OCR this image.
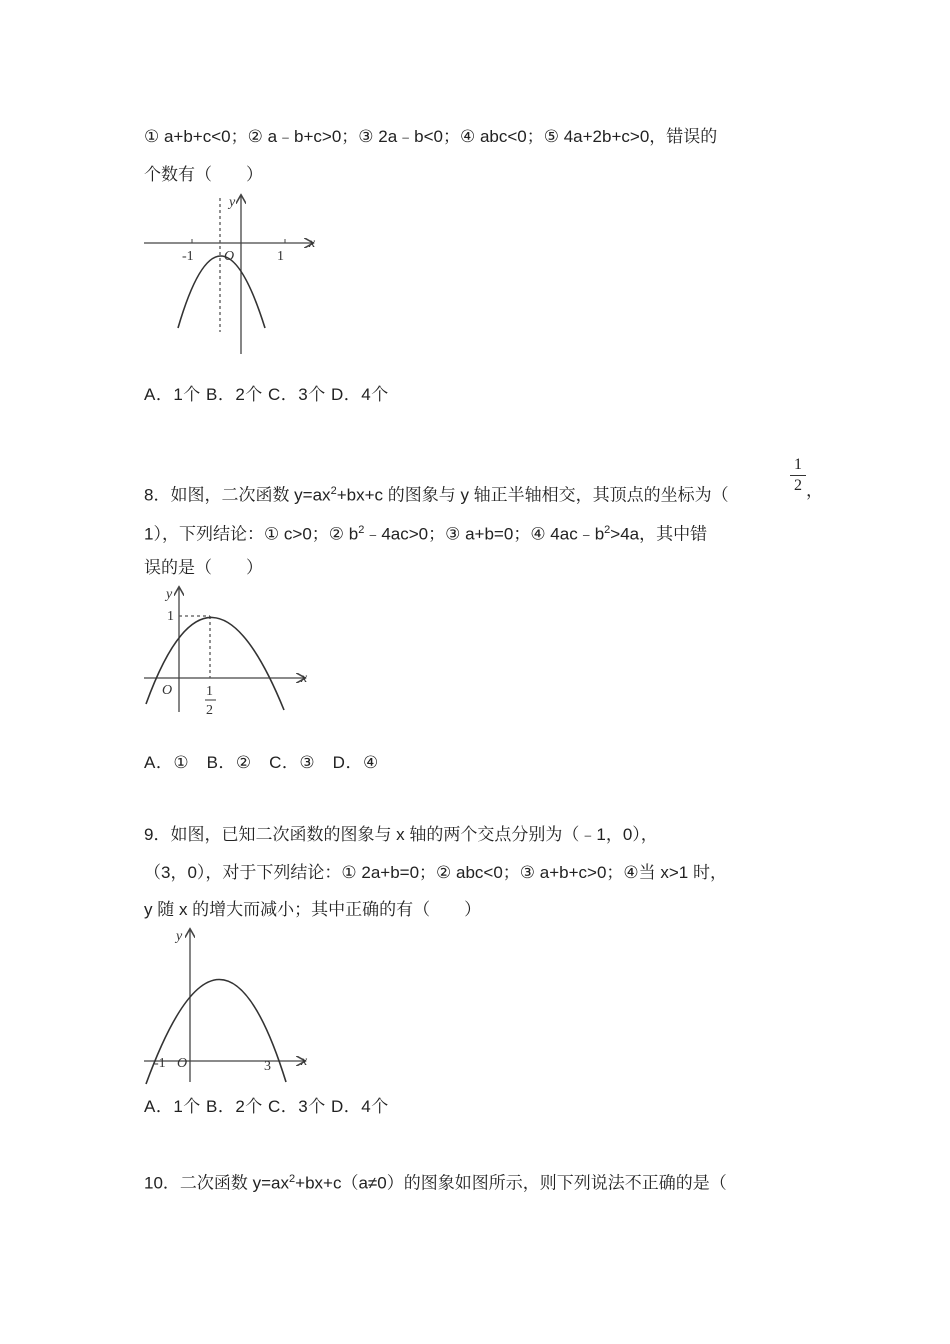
① a+b+c<0；② a﹣b+c>0；③ 2a﹣b<0；④ abc<0；⑤ 4a+2b+c>0，错误的
个数有（　　）
y
x
O
-1	1
A．1个 B．2个 C．3个 D．4个
8．如图，二次函数 $y=ax^2+bx+c$ 的图象与 y 轴正半轴相交，其顶点的坐标为（
1
2 ，
1），下列结论：① c>0；② $b^2﹣4ac>0$；③ a+b=0；④ $4ac﹣b^2>4a$，其中错
误的是（　　）
y
x
O
1
1
2
A．①　B．②　C．③　D．④
9．如图，已知二次函数的图象与 x 轴的两个交点分别为（﹣1，0），
（3，0），对于下列结论：① 2a+b=0；② abc<0；③ a+b+c>0；④当 x>1 时，
y 随 x 的增大而减小；其中正确的有（　　）
y
x
O
-1	3
A．1个 B．2个 C．3个 D．4个
10．二次函数 $y=ax^2+bx+c(a\ne 0)$的图象如图所示，则下列说法不正确的是（
